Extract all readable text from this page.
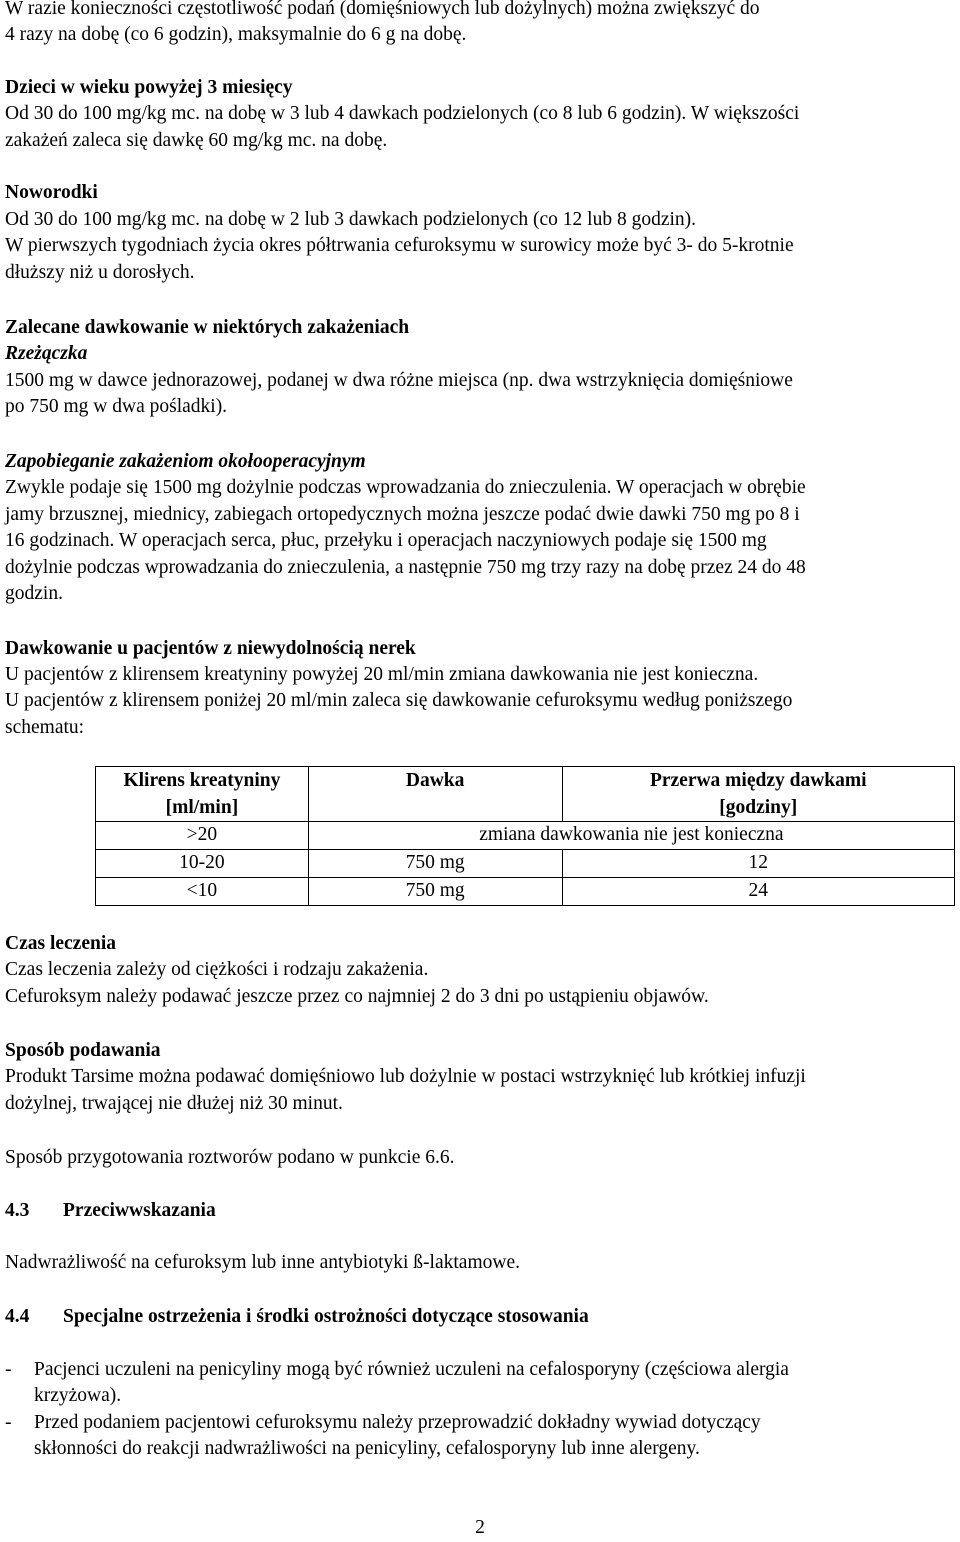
W razie konieczności częstotliwość podań (domięśniowych lub dożylnych) można zwiększyć do

4 razy na dobę (co 6 godzin), maksymalnie do 6 g na dobę.

Dzieci w wieku powyżej 3 miesięcy

Od 30 do 100 mg/kg mc. na dobę w 3 lub 4 dawkach podzielonych (co 8 lub 6 godzin). W większości

zakażeń zaleca się dawkę 60 mg/kg mc. na dobę.

Noworodki

Od 30 do 100 mg/kg mc. na dobę w 2 lub 3 dawkach podzielonych (co 12 lub 8 godzin).

W pierwszych tygodniach życia okres półtrwania cefuroksymu w surowicy może być 3- do 5-krotnie

dłuższy niż u dorosłych.

Zalecane dawkowanie w niektórych zakażeniach

Rzeżączka

1500 mg w dawce jednorazowej, podanej w dwa różne miejsca (np. dwa wstrzyknięcia domięśniowe

po 750 mg w dwa pośladki).

Zapobieganie zakażeniom okołooperacyjnym

Zwykle podaje się 1500 mg dożylnie podczas wprowadzania do znieczulenia. W operacjach w obrębie

jamy brzusznej, miednicy, zabiegach ortopedycznych można jeszcze podać dwie dawki 750 mg po 8 i

16 godzinach. W operacjach serca, płuc, przełyku i operacjach naczyniowych podaje się 1500 mg

dożylnie podczas wprowadzania do znieczulenia, a następnie 750 mg trzy razy na dobę przez 24 do 48

godzin.

Dawkowanie u pacjentów z niewydolnością nerek

U pacjentów z klirensem kreatyniny powyżej 20 ml/min zmiana dawkowania nie jest konieczna.

U pacjentów z klirensem poniżej 20 ml/min zaleca się dawkowanie cefuroksymu według poniższego

schematu:

Klirens kreatyniny
[ml/min]	Dawka	Przerwa między dawkami
[godziny]
>20	zmiana dawkowania nie jest konieczna	
10-20	750 mg	12
<10	750 mg	24

Czas leczenia

Czas leczenia zależy od ciężkości i rodzaju zakażenia.

Cefuroksym należy podawać jeszcze przez co najmniej 2 do 3 dni po ustąpieniu objawów.

Sposób podawania

Produkt Tarsime można podawać domięśniowo lub dożylnie w postaci wstrzyknięć lub krótkiej infuzji

dożylnej, trwającej nie dłużej niż 30 minut.

Sposób przygotowania roztworów podano w punkcie 6.6.

4.3 Przeciwwskazania

Nadwrażliwość na cefuroksym lub inne antybiotyki ß-laktamowe.

4.4 Specjalne ostrzeżenia i środki ostrożności dotyczące stosowania

- Pacjenci uczuleni na penicyliny mogą być również uczuleni na cefalosporyny (częściowa alergia
krzyżowa).
- Przed podaniem pacjentowi cefuroksymu należy przeprowadzić dokładny wywiad dotyczący
skłonności do reakcji nadwrażliwości na penicyliny, cefalosporyny lub inne alergeny.
2
